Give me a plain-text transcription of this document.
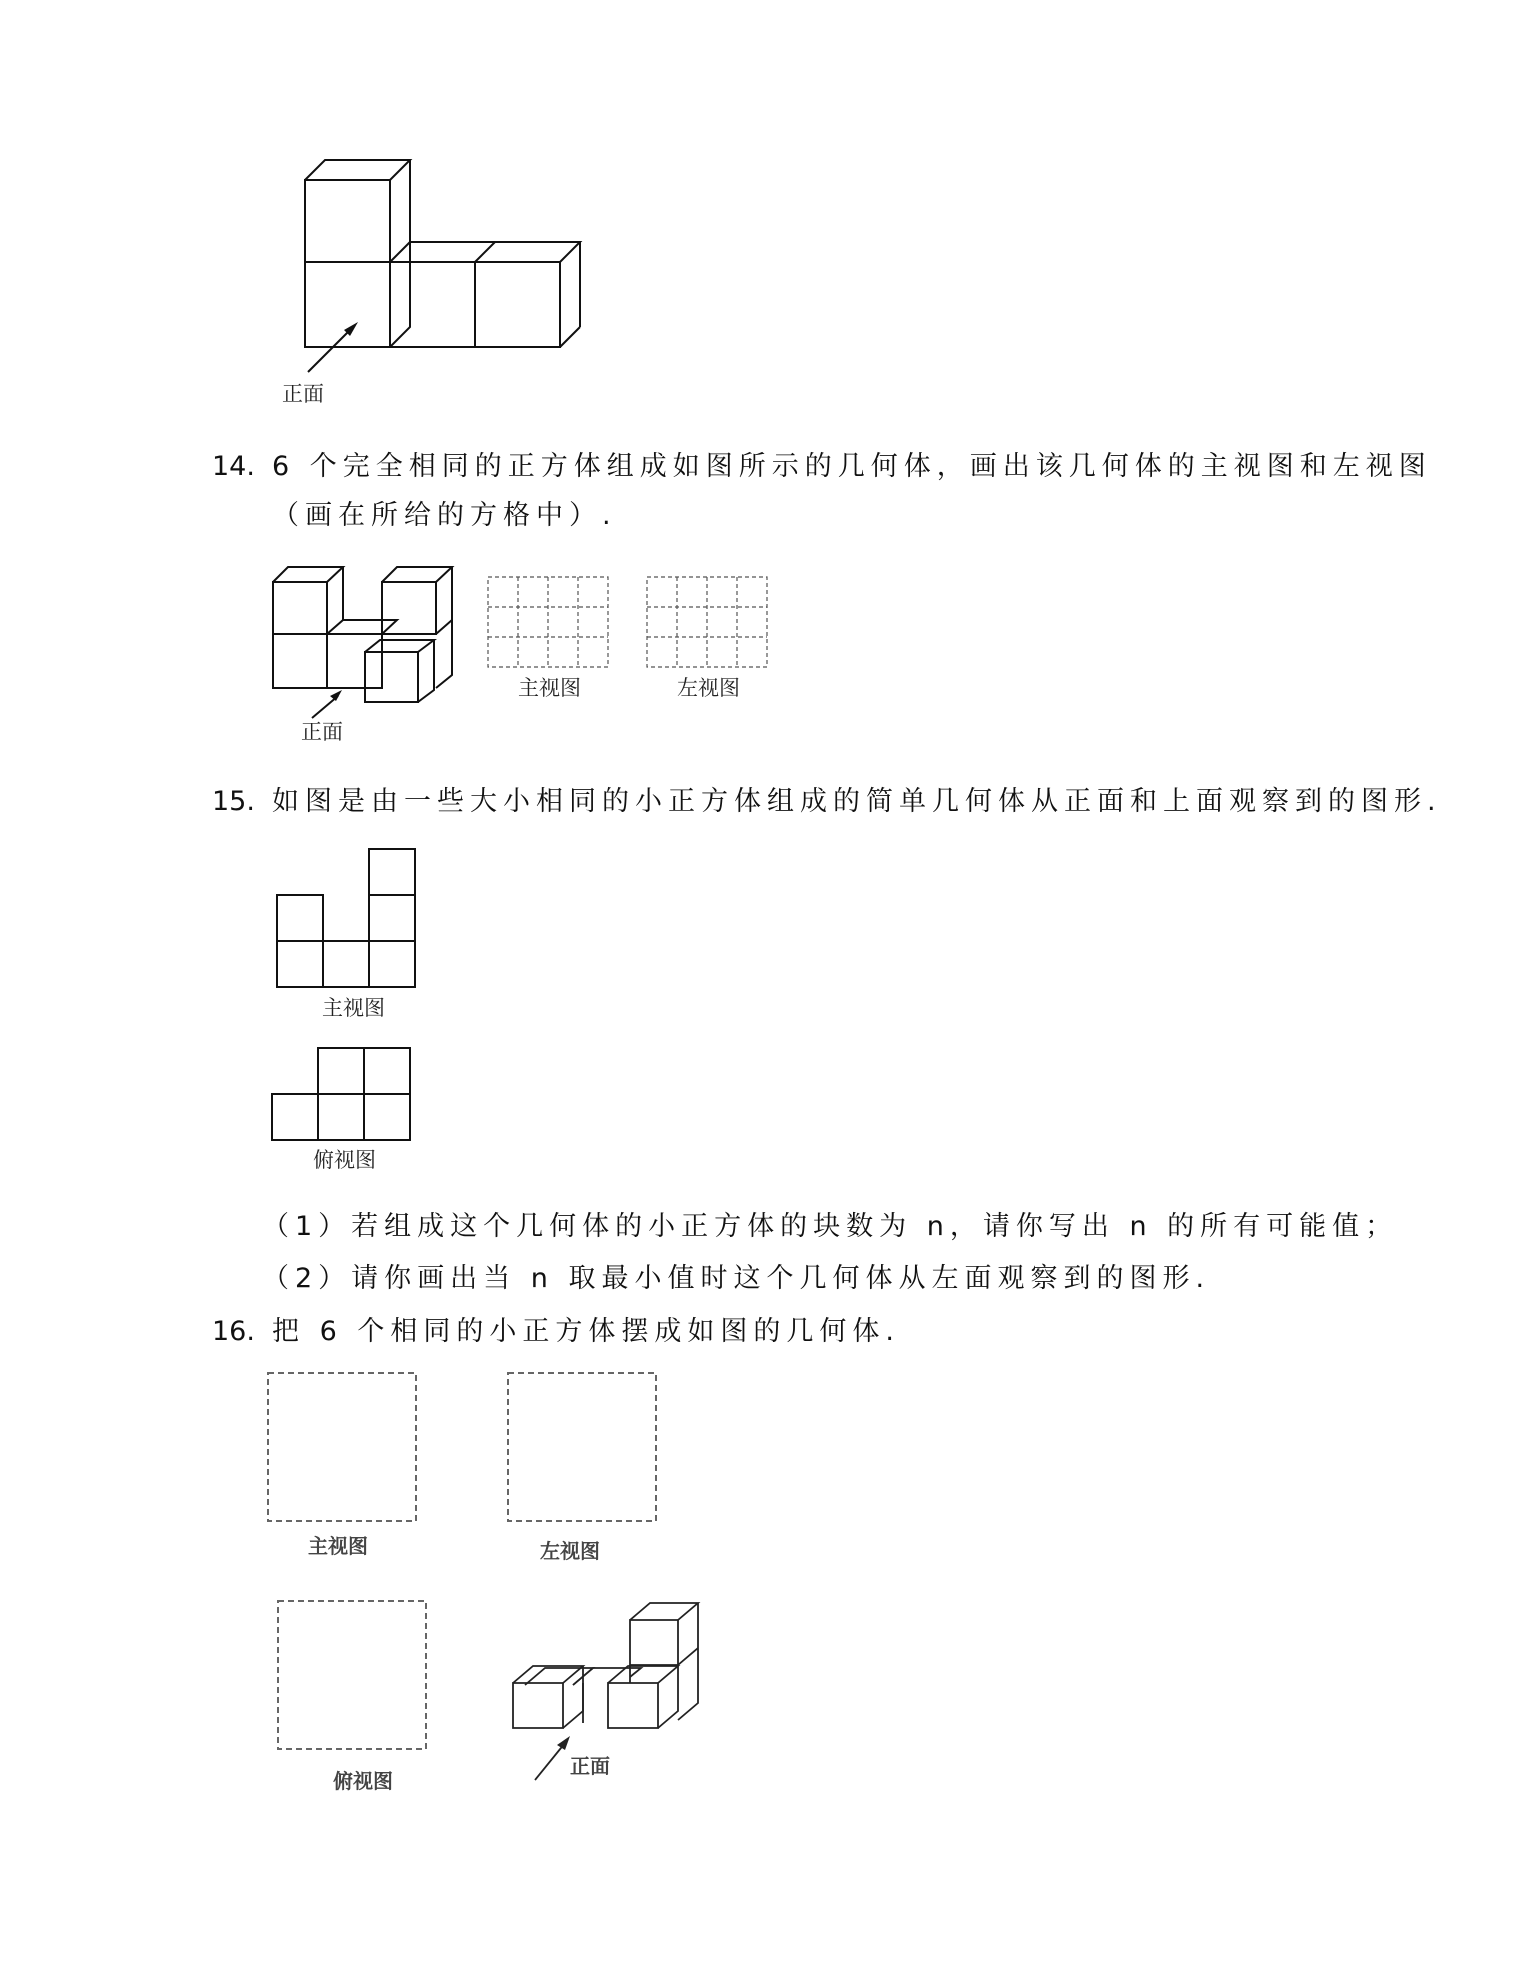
正面
14. 6 个完全相同的正方体组成如图所示的几何体，画出该几何体的主视图和左视图
（画在所给的方格中）.
正面
主视图	左视图
15. 如图是由一些大小相同的小正方体组成的简单几何体从正面和上面观察到的图形.
主视图
俯视图
（1）若组成这个几何体的小正方体的块数为 n，请你写出 n 的所有可能值；
（2）请你画出当 n 取最小值时这个几何体从左面观察到的图形.
16. 把 6 个相同的小正方体摆成如图的几何体.
主视图	左视图
俯视图
正面
